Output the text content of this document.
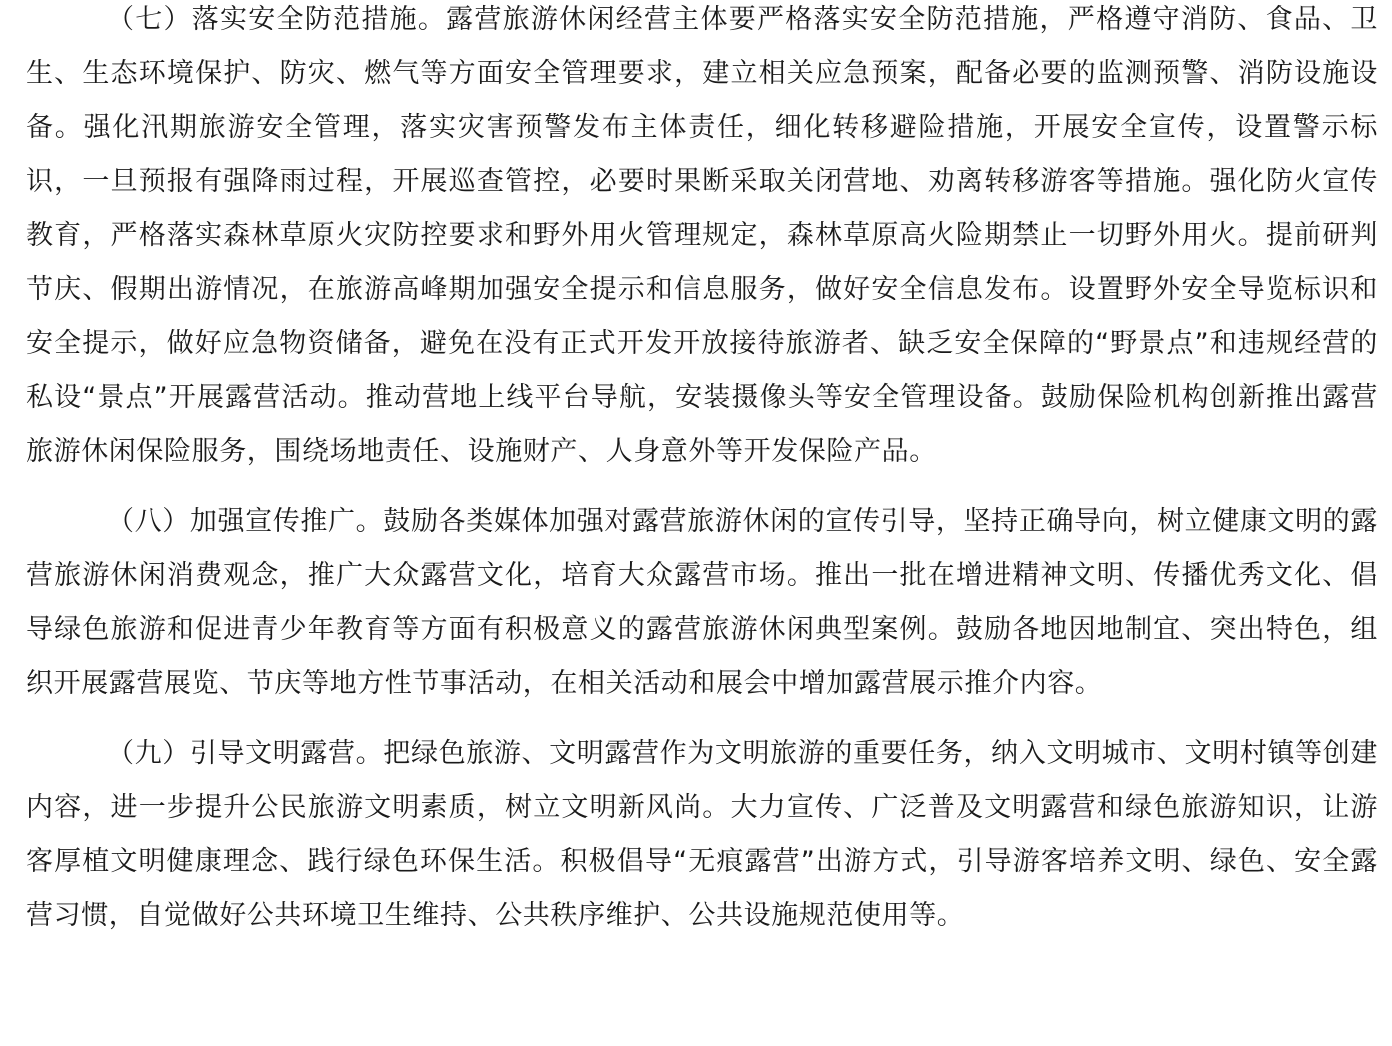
（七）落实安全防范措施。露营旅游休闲经营主体要严格落实安全防范措施，严格遵守消防、食品、卫生、生态环境保护、防灾、燃气等方面安全管理要求，建立相关应急预案，配备必要的监测预警、消防设施设备。强化汛期旅游安全管理，落实灾害预警发布主体责任，细化转移避险措施，开展安全宣传，设置警示标识，一旦预报有强降雨过程，开展巡查管控，必要时果断采取关闭营地、劝离转移游客等措施。强化防火宣传教育，严格落实森林草原火灾防控要求和野外用火管理规定，森林草原高火险期禁止一切野外用火。提前研判节庆、假期出游情况，在旅游高峰期加强安全提示和信息服务，做好安全信息发布。设置野外安全导览标识和安全提示，做好应急物资储备，避免在没有正式开发开放接待旅游者、缺乏安全保障的“野景点”和违规经营的私设“景点”开展露营活动。推动营地上线平台导航，安装摄像头等安全管理设备。鼓励保险机构创新推出露营旅游休闲保险服务，围绕场地责任、设施财产、人身意外等开发保险产品。

（八）加强宣传推广。鼓励各类媒体加强对露营旅游休闲的宣传引导，坚持正确导向，树立健康文明的露营旅游休闲消费观念，推广大众露营文化，培育大众露营市场。推出一批在增进精神文明、传播优秀文化、倡导绿色旅游和促进青少年教育等方面有积极意义的露营旅游休闲典型案例。鼓励各地因地制宜、突出特色，组织开展露营展览、节庆等地方性节事活动，在相关活动和展会中增加露营展示推介内容。

（九）引导文明露营。把绿色旅游、文明露营作为文明旅游的重要任务，纳入文明城市、文明村镇等创建内容，进一步提升公民旅游文明素质，树立文明新风尚。大力宣传、广泛普及文明露营和绿色旅游知识，让游客厚植文明健康理念、践行绿色环保生活。积极倡导“无痕露营”出游方式，引导游客培养文明、绿色、安全露营习惯，自觉做好公共环境卫生维持、公共秩序维护、公共设施规范使用等。
